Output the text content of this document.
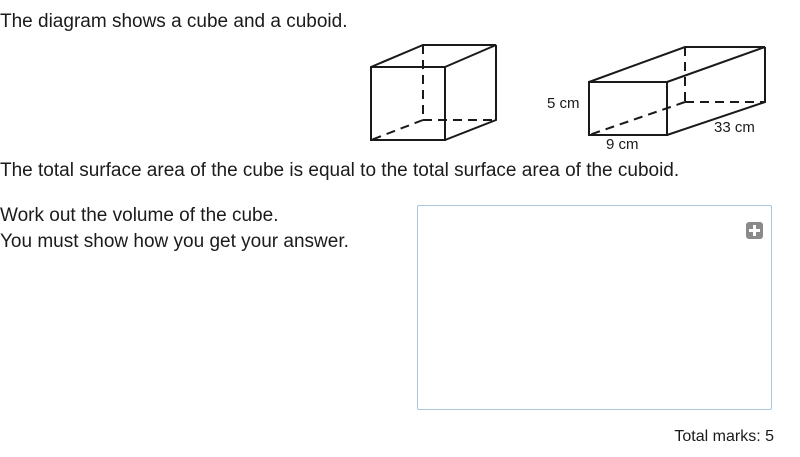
The diagram shows a cube and a cuboid.
5 cm
33 cm
9 cm
The total surface area of the cube is equal to the total surface area of the cuboid.
Work out the volume of the cube.
You must show how you get your answer.
Total marks: 5
